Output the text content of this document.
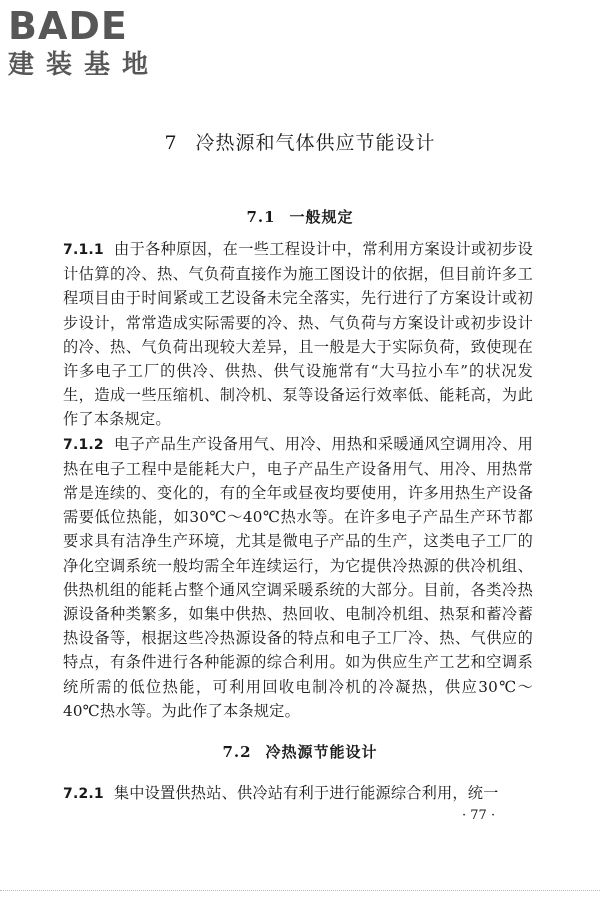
BADE
建装基地
7 冷热源和气体供应节能设计
7.1 一般规定

7.1.1 由于各种原因，在一些工程设计中，常利用方案设计或初步设计估算的冷、热、气负荷直接作为施工图设计的依据，但目前许多工程项目由于时间紧或工艺设备未完全落实，先行进行了方案设计或初步设计，常常造成实际需要的冷、热、气负荷与方案设计或初步设计的冷、热、气负荷出现较大差异，且一般是大于实际负荷，致使现在许多电子工厂的供冷、供热、供气设施常有“大马拉小车”的状况发生，造成一些压缩机、制冷机、泵等设备运行效率低、能耗高，为此作了本条规定。

7.1.2 电子产品生产设备用气、用冷、用热和采暖通风空调用冷、用热在电子工程中是能耗大户，电子产品生产设备用气、用冷、用热常常是连续的、变化的，有的全年或昼夜均要使用，许多用热生产设备需要低位热能，如30℃～40℃热水等。在许多电子产品生产环节都要求具有洁净生产环境，尤其是微电子产品的生产，这类电子工厂的净化空调系统一般均需全年连续运行，为它提供冷热源的供冷机组、供热机组的能耗占整个通风空调采暖系统的大部分。目前，各类冷热源设备种类繁多，如集中供热、热回收、电制冷机组、热泵和蓄冷蓄热设备等，根据这些冷热源设备的特点和电子工厂冷、热、气供应的特点，有条件进行各种能源的综合利用。如为供应生产工艺和空调系统所需的低位热能，可利用回收电制冷机的冷凝热，供应30℃～40℃热水等。为此作了本条规定。

7.2 冷热源节能设计

7.2.1 集中设置供热站、供冷站有利于进行能源综合利用，统一

· 77 ·
